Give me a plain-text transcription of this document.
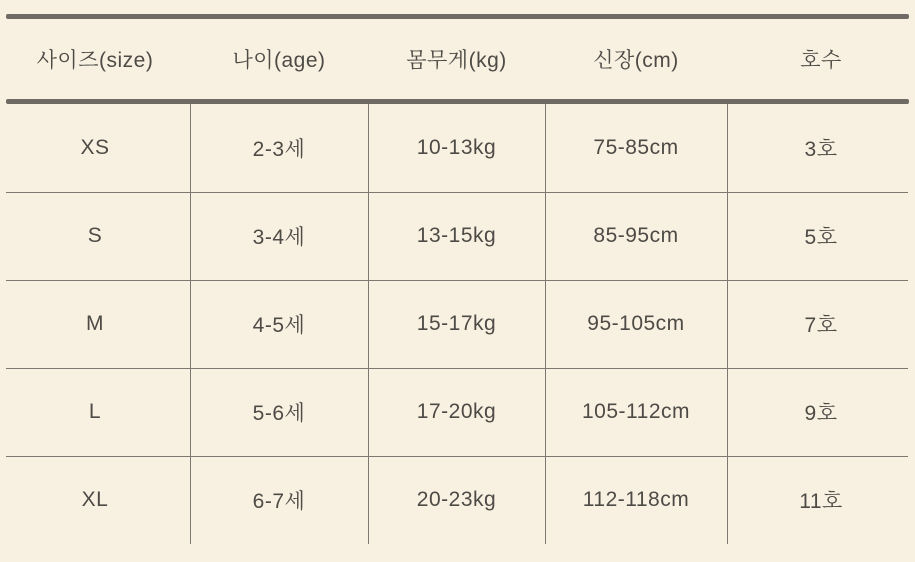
사이즈(size)	나이(age)	몸무게(kg)	신장(cm)	호수
XS	2-3세	10-13kg	75-85cm	3호
S	3-4세	13-15kg	85-95cm	5호
M	4-5세	15-17kg	95-105cm	7호
L	5-6세	17-20kg	105-112cm	9호
XL	6-7세	20-23kg	112-118cm	11호
